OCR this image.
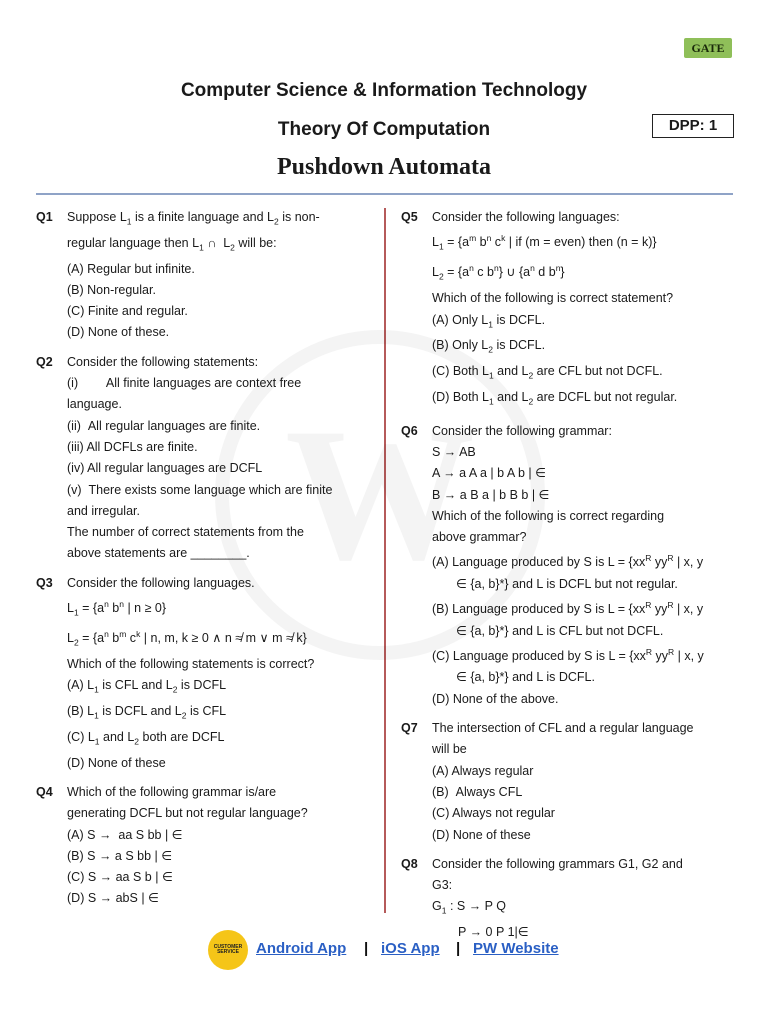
GATE
Computer Science & Information Technology
Theory Of Computation	DPP: 1
Pushdown Automata
Q1	Suppose $L_1$ is a finite language and $L_2$ is non-
regular language then $L_1$ ∩  $L_2$ will be:
(A) Regular but infinite.
(B) Non-regular.
(C) Finite and regular.
(D) None of these.
Q2	Consider the following statements:
(i)        All finite languages are context free
language.
(ii)  All regular languages are finite.
(iii) All DCFLs are finite.
(iv) All regular languages are DCFL
(v)  There exists some language which are finite
and irregular.
The number of correct statements from the
above statements are ________.
Q3	Consider the following languages.
$L_1 = \{a^n$ $b^n$ | n ≥ 0}
$L_2 = \{a^n$ $b^m$ $c^k$ | n, m, k ≥ 0 ∧ n ≉ m ∨ m ≉ k}
Which of the following statements is correct?
(A) $L_1$ is CFL and $L_2$ is DCFL
(B) $L_1$ is DCFL and $L_2$ is CFL
(C) $L_1$ and $L_2$ both are DCFL
(D) None of these
Q4	Which of the following grammar is/are
generating DCFL but not regular language?
(A) S →  aa S bb | ∈
(B) S → a S bb | ∈
(C) S → aa S b | ∈
(D) S → abS | ∈
Q5	Consider the following languages:
$L_1 = \{a^m$ $b^n$ $c^k$ | if (m = even) then (n = k)}
$L_2 = \{a^n$ c $b^n$} ∪ {$a^n$ d $b^n$}
Which of the following is correct statement?
(A) Only $L_1$ is DCFL.
(B) Only $L_2$ is DCFL.
(C) Both $L_1$ and $L_2$ are CFL but not DCFL.
(D) Both $L_1$ and $L_2$ are DCFL but not regular.
Q6	Consider the following grammar:
S → AB
A → a A a | b A b | ∈
B → a B a | b B b | ∈
Which of the following is correct regarding
above grammar?
(A) Language produced by S is $L = \{xx^R$ $yy^R$ | x, y
∈ {a, b}*} and L is DCFL but not regular.
(B) Language produced by S is $L = \{xx^R$ $yy^R$ | x, y
∈ {a, b}*} and L is CFL but not DCFL.
(C) Language produced by S is $L = \{xx^R$ $yy^R$ | x, y
∈ {a, b}*} and L is DCFL.
(D) None of the above.
Q7	The intersection of CFL and a regular language
will be
(A) Always regular
(B)  Always CFL
(C) Always not regular
(D) None of these
Q8	Consider the following grammars G1, G2 and
G3:
$G_1$ : S → P Q
P → 0 P 1|∈
CUSTOMER SERVICE	Android App | iOS App | PW Website
